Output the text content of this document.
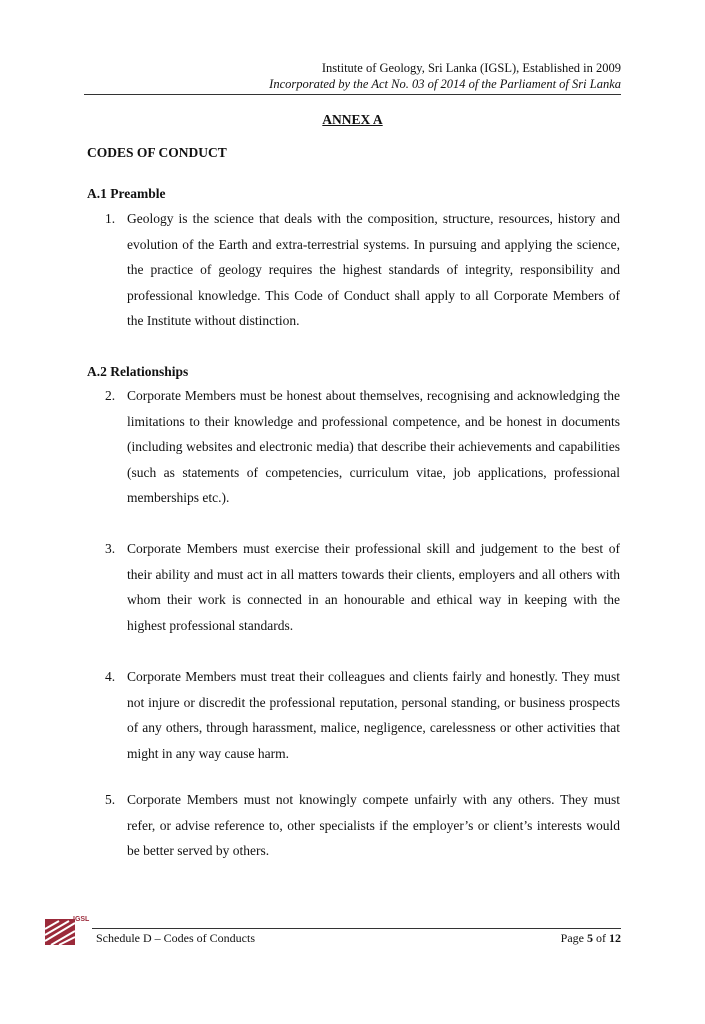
Institute of Geology, Sri Lanka (IGSL), Established in 2009
Incorporated by the Act No. 03 of 2014 of the Parliament of Sri Lanka
ANNEX A
CODES OF CONDUCT
A.1 Preamble
1. Geology is the science that deals with the composition, structure, resources, history and evolution of the Earth and extra-terrestrial systems. In pursuing and applying the science, the practice of geology requires the highest standards of integrity, responsibility and professional knowledge. This Code of Conduct shall apply to all Corporate Members of the Institute without distinction.
A.2 Relationships
2. Corporate Members must be honest about themselves, recognising and acknowledging the limitations to their knowledge and professional competence, and be honest in documents (including websites and electronic media) that describe their achievements and capabilities (such as statements of competencies, curriculum vitae, job applications, professional memberships etc.).
3. Corporate Members must exercise their professional skill and judgement to the best of their ability and must act in all matters towards their clients, employers and all others with whom their work is connected in an honourable and ethical way in keeping with the highest professional standards.
4. Corporate Members must treat their colleagues and clients fairly and honestly. They must not injure or discredit the professional reputation, personal standing, or business prospects of any others, through harassment, malice, negligence, carelessness or other activities that might in any way cause harm.
5. Corporate Members must not knowingly compete unfairly with any others. They must refer, or advise reference to, other specialists if the employer’s or client’s interests would be better served by others.
IGSL
Schedule D – Codes of Conducts	Page 5 of 12
